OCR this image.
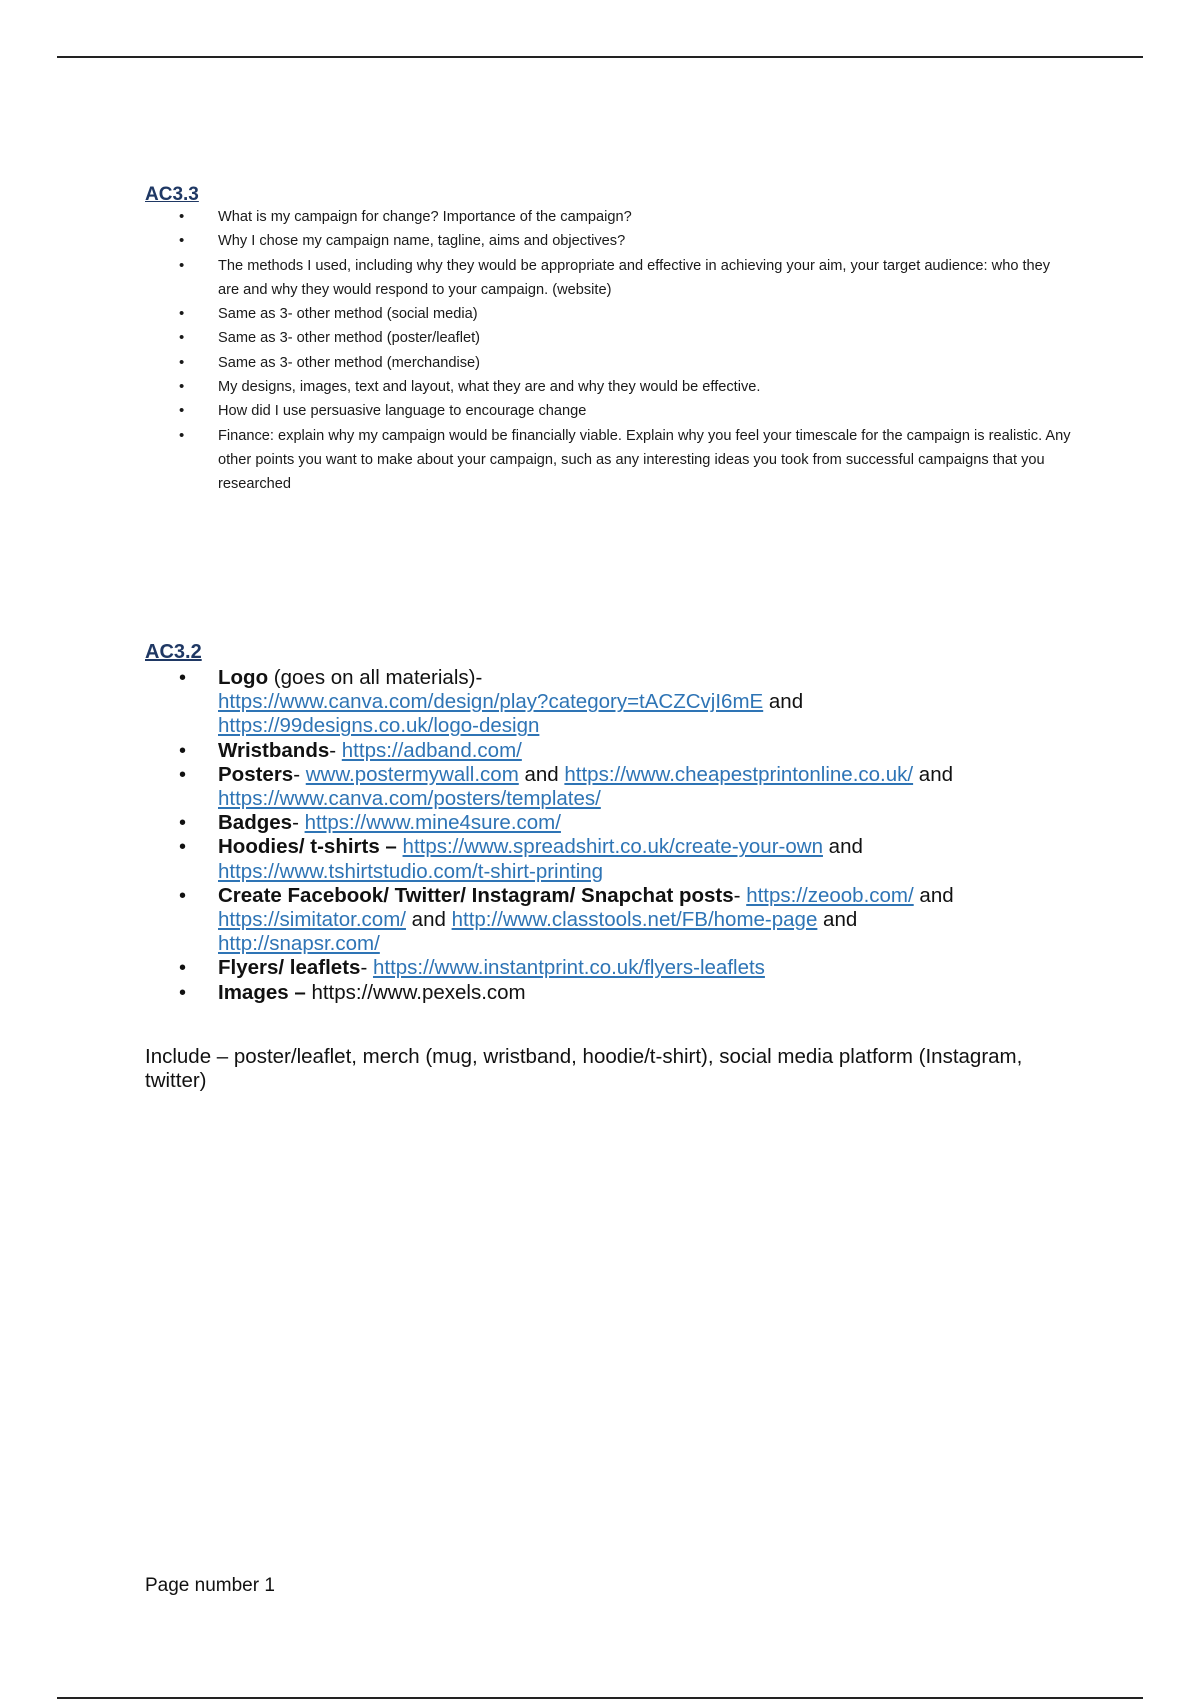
AC3.3
• What is my campaign for change? Importance of the campaign?
• Why I chose my campaign name, tagline, aims and objectives?
• The methods I used, including why they would be appropriate and effective in achieving your aim, your target audience: who they are and why they would respond to your campaign. (website)
• Same as 3- other method (social media)
• Same as 3- other method (poster/leaflet)
• Same as 3- other method (merchandise)
• My designs, images, text and layout, what they are and why they would be effective.
• How did I use persuasive language to encourage change
• Finance: explain why my campaign would be financially viable. Explain why you feel your timescale for the campaign is realistic. Any other points you want to make about your campaign, such as any interesting ideas you took from successful campaigns that you researched
AC3.2
• Logo (goes on all materials)-
https://www.canva.com/design/play?category=tACZCvjI6mE and
https://99designs.co.uk/logo-design
• Wristbands- https://adband.com/
• Posters- www.postermywall.com and https://www.cheapestprintonline.co.uk/ and
https://www.canva.com/posters/templates/
• Badges- https://www.mine4sure.com/
• Hoodies/ t-shirts – https://www.spreadshirt.co.uk/create-your-own and
https://www.tshirtstudio.com/t-shirt-printing
• Create Facebook/ Twitter/ Instagram/ Snapchat posts- https://zeoob.com/ and
https://simitator.com/ and http://www.classtools.net/FB/home-page and
http://snapsr.com/
• Flyers/ leaflets- https://www.instantprint.co.uk/flyers-leaflets
• Images – https://www.pexels.com

Include – poster/leaflet, merch (mug, wristband, hoodie/t-shirt), social media platform (Instagram, twitter)

Page number 1
